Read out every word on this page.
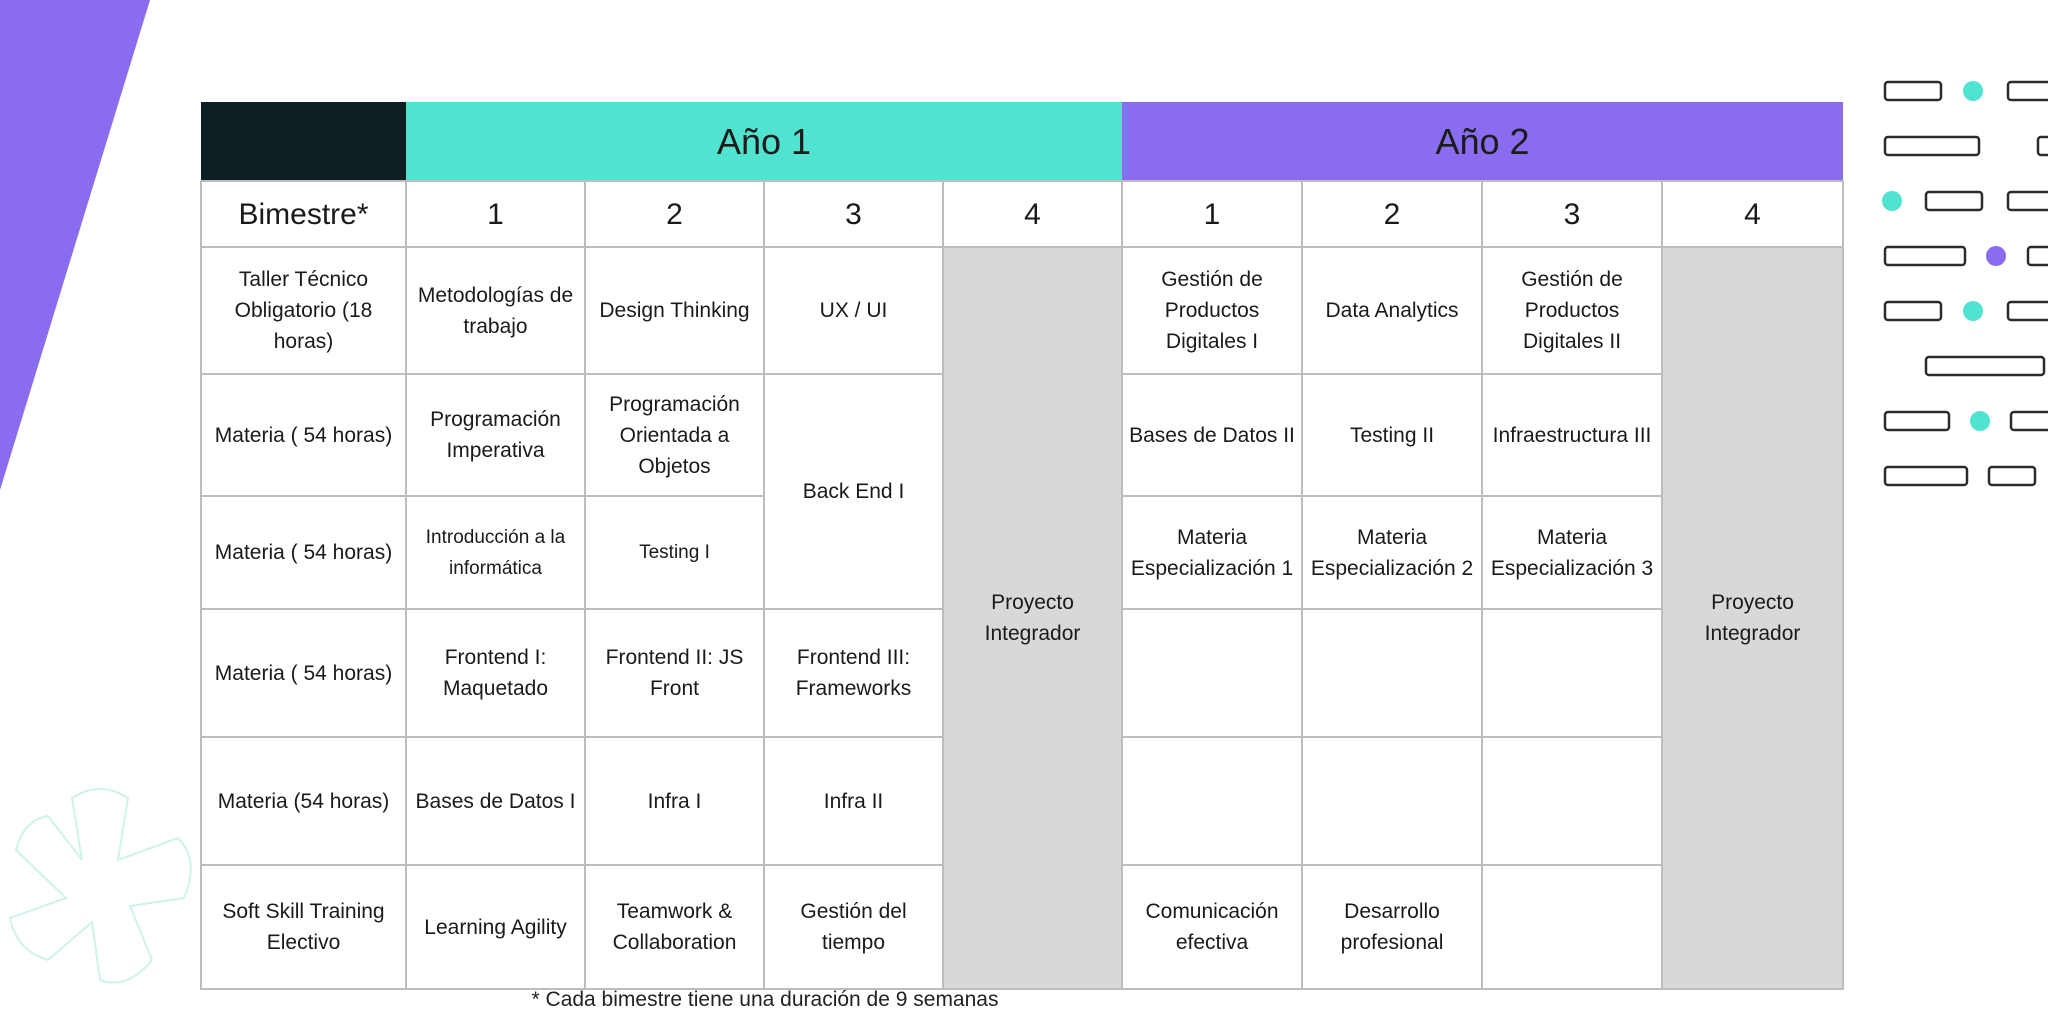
	Año 1				Año 2			
Bimestre*	1	2	3	4	1	2	3	4
Taller Técnico Obligatorio (18 horas)	Metodologías de trabajo	Design Thinking	UX / UI	Proyecto Integrador	Gestión de Productos Digitales I	Data Analytics	Gestión de Productos Digitales II	Proyecto Integrador
Materia ( 54 horas)	Programación Imperativa	Programación Orientada a Objetos	Back End I		Bases de Datos II	Testing II	Infraestructura III	
Materia ( 54 horas)	Introducción a la informática	Testing I			Materia Especialización 1	Materia Especialización 2	Materia Especialización 3	
Materia ( 54 horas)	Frontend I: Maquetado	Frontend II: JS Front	Frontend III: Frameworks					
Materia (54 horas)	Bases de Datos I	Infra I	Infra II					
Soft Skill Training Electivo	Learning Agility	Teamwork & Collaboration	Gestión del tiempo		Comunicación efectiva	Desarrollo profesional		
* Cada bimestre tiene una duración de 9 semanas
